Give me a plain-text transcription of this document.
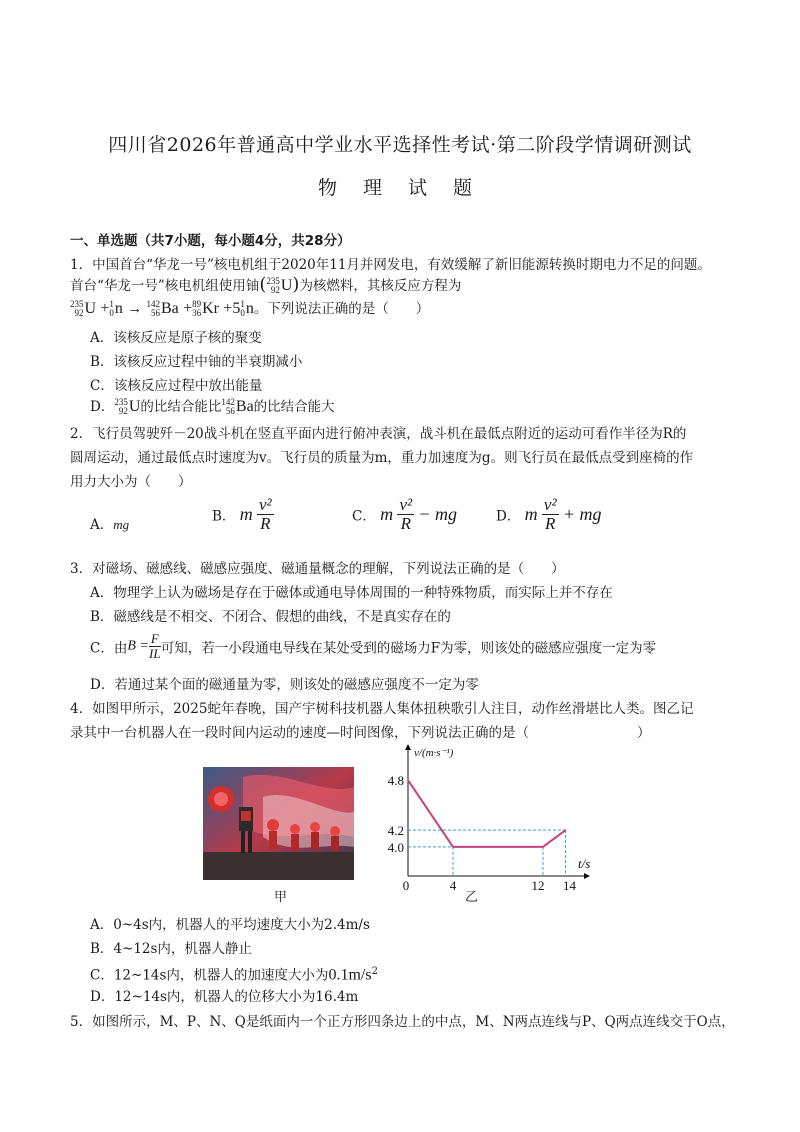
四川省2026年普通高中学业水平选择性考试·第二阶段学情调研测试
物 理 试 题
一、单选题（共7小题，每小题4分，共28分）
1．中国首台“华龙一号”核电机组于2020年11月并网发电，有效缓解了新旧能源转换时期电力不足的问题。
首台“华龙一号”核电机组使用铀( 235
92 U)为核燃料，其核反应方程为
235
92 U + 1
0 n → 142
56 Ba + 89
36 Kr +5 1
0 n。下列说法正确的是（　　）
A．该核反应是原子核的聚变
B．该核反应过程中铀的半衰期减小
C．该核反应过程中放出能量
D． 235
92 U的比结合能比 142
56 Ba的比结合能大
2．飞行员驾驶歼－20战斗机在竖直平面内进行俯冲表演，战斗机在最低点附近的运动可看作半径为R的
圆周运动，通过最低点时速度为v。飞行员的质量为m，重力加速度为g。则飞行员在最低点受到座椅的作
用力大小为（　　）
A．mg	B． m $\frac{\text{v²}}{R}$	C． m $\frac{\text{v²}}{R}$ − mg	D． m $\frac{\text{v²}}{R}$ + mg
3．对磁场、磁感线、磁感应强度、磁通量概念的理解，下列说法正确的是（　　）
A．物理学上认为磁场是存在于磁体或通电导体周围的一种特殊物质，而实际上并不存在
B．磁感线是不相交、不闭合、假想的曲线，不是真实存在的
C．由$B = \frac{F}{IL}$ 可知，若一小段通电导线在某处受到的磁场力F为零，则该处的磁感应强度一定为零
D．若通过某个面的磁通量为零，则该处的磁感应强度不一定为零
4．如图甲所示，2025蛇年春晚，国产宇树科技机器人集体扭秧歌引人注目，动作丝滑堪比人类。图乙记
录其中一台机器人在一段时间内运动的速度—时间图像，下列说法正确的是（　　　　　　　　）
甲
v/(m·s⁻¹)
t/s
4.0
4.2
4.8
0	4	12 14
乙
A．0~4s内，机器人的平均速度大小为2.4m/s
B．4~12s内，机器人静止
C．12~14s内，机器人的加速度大小为$0.1m/s^2$
D．12~14s内，机器人的位移大小为16.4m
5．如图所示，M、P、N、Q是纸面内一个正方形四条边上的中点，M、N两点连线与P、Q两点连线交于O点，
